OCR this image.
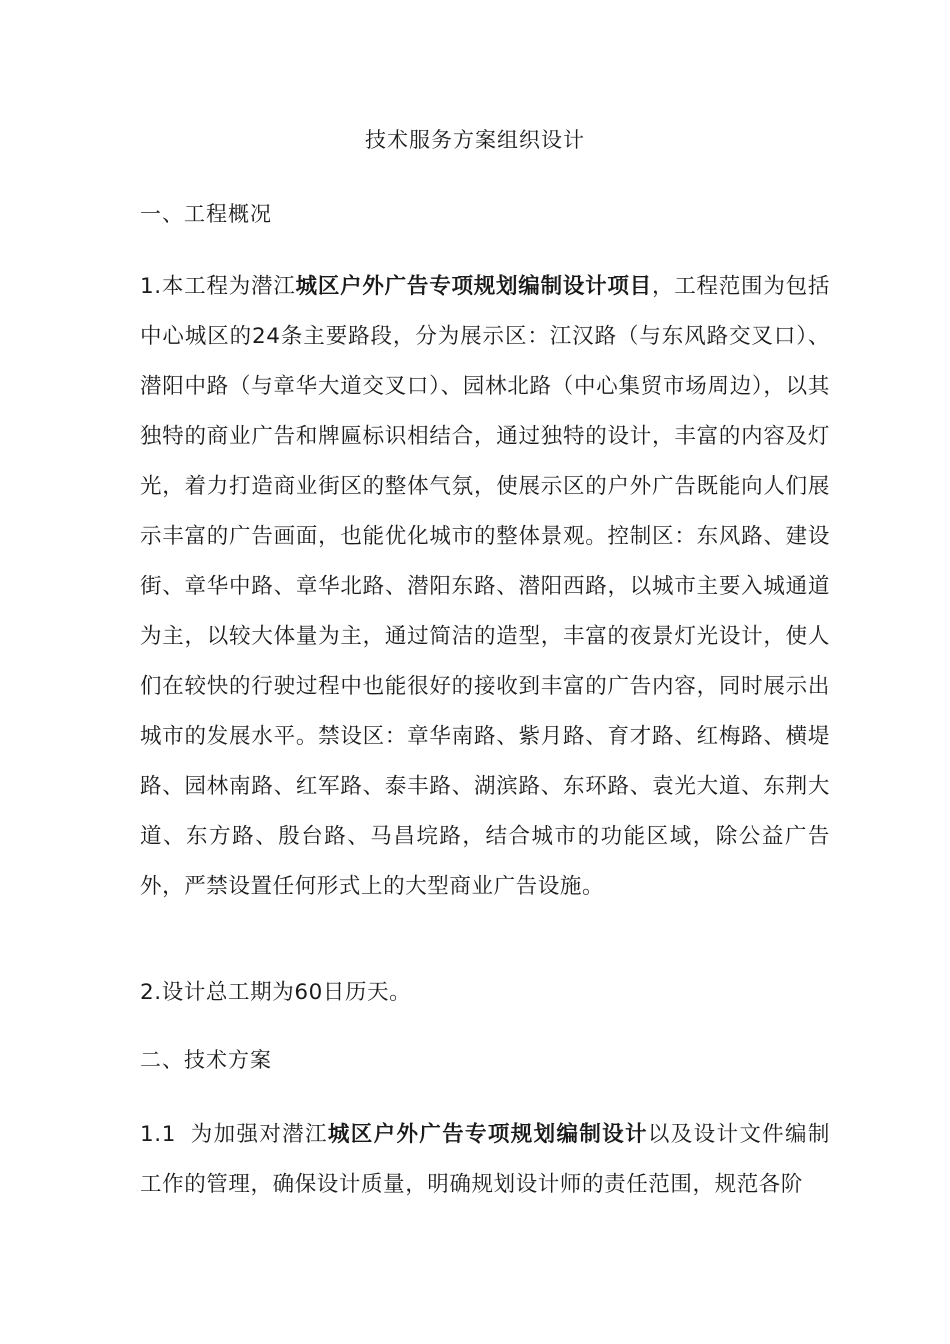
技术服务方案组织设计
一、工程概况
1.本工程为潜江城区户外广告专项规划编制设计项目，工程范围为包括中心城区的24条主要路段，分为展示区：江汉路（与东风路交叉口）、潜阳中路（与章华大道交叉口）、园林北路（中心集贸市场周边），以其独特的商业广告和牌匾标识相结合，通过独特的设计，丰富的内容及灯光，着力打造商业街区的整体气氛，使展示区的户外广告既能向人们展示丰富的广告画面，也能优化城市的整体景观。控制区：东风路、建设街、章华中路、章华北路、潜阳东路、潜阳西路，以城市主要入城通道为主，以较大体量为主，通过简洁的造型，丰富的夜景灯光设计，使人们在较快的行驶过程中也能很好的接收到丰富的广告内容，同时展示出城市的发展水平。禁设区：章华南路、紫月路、育才路、红梅路、横堤路、园林南路、红军路、泰丰路、湖滨路、东环路、袁光大道、东荆大道、东方路、殷台路、马昌垸路，结合城市的功能区域，除公益广告外，严禁设置任何形式上的大型商业广告设施。
2.设计总工期为60日历天。
二、技术方案
1.1 为加强对潜江城区户外广告专项规划编制设计以及设计文件编制工作的管理，确保设计质量，明确规划设计师的责任范围，规范各阶
